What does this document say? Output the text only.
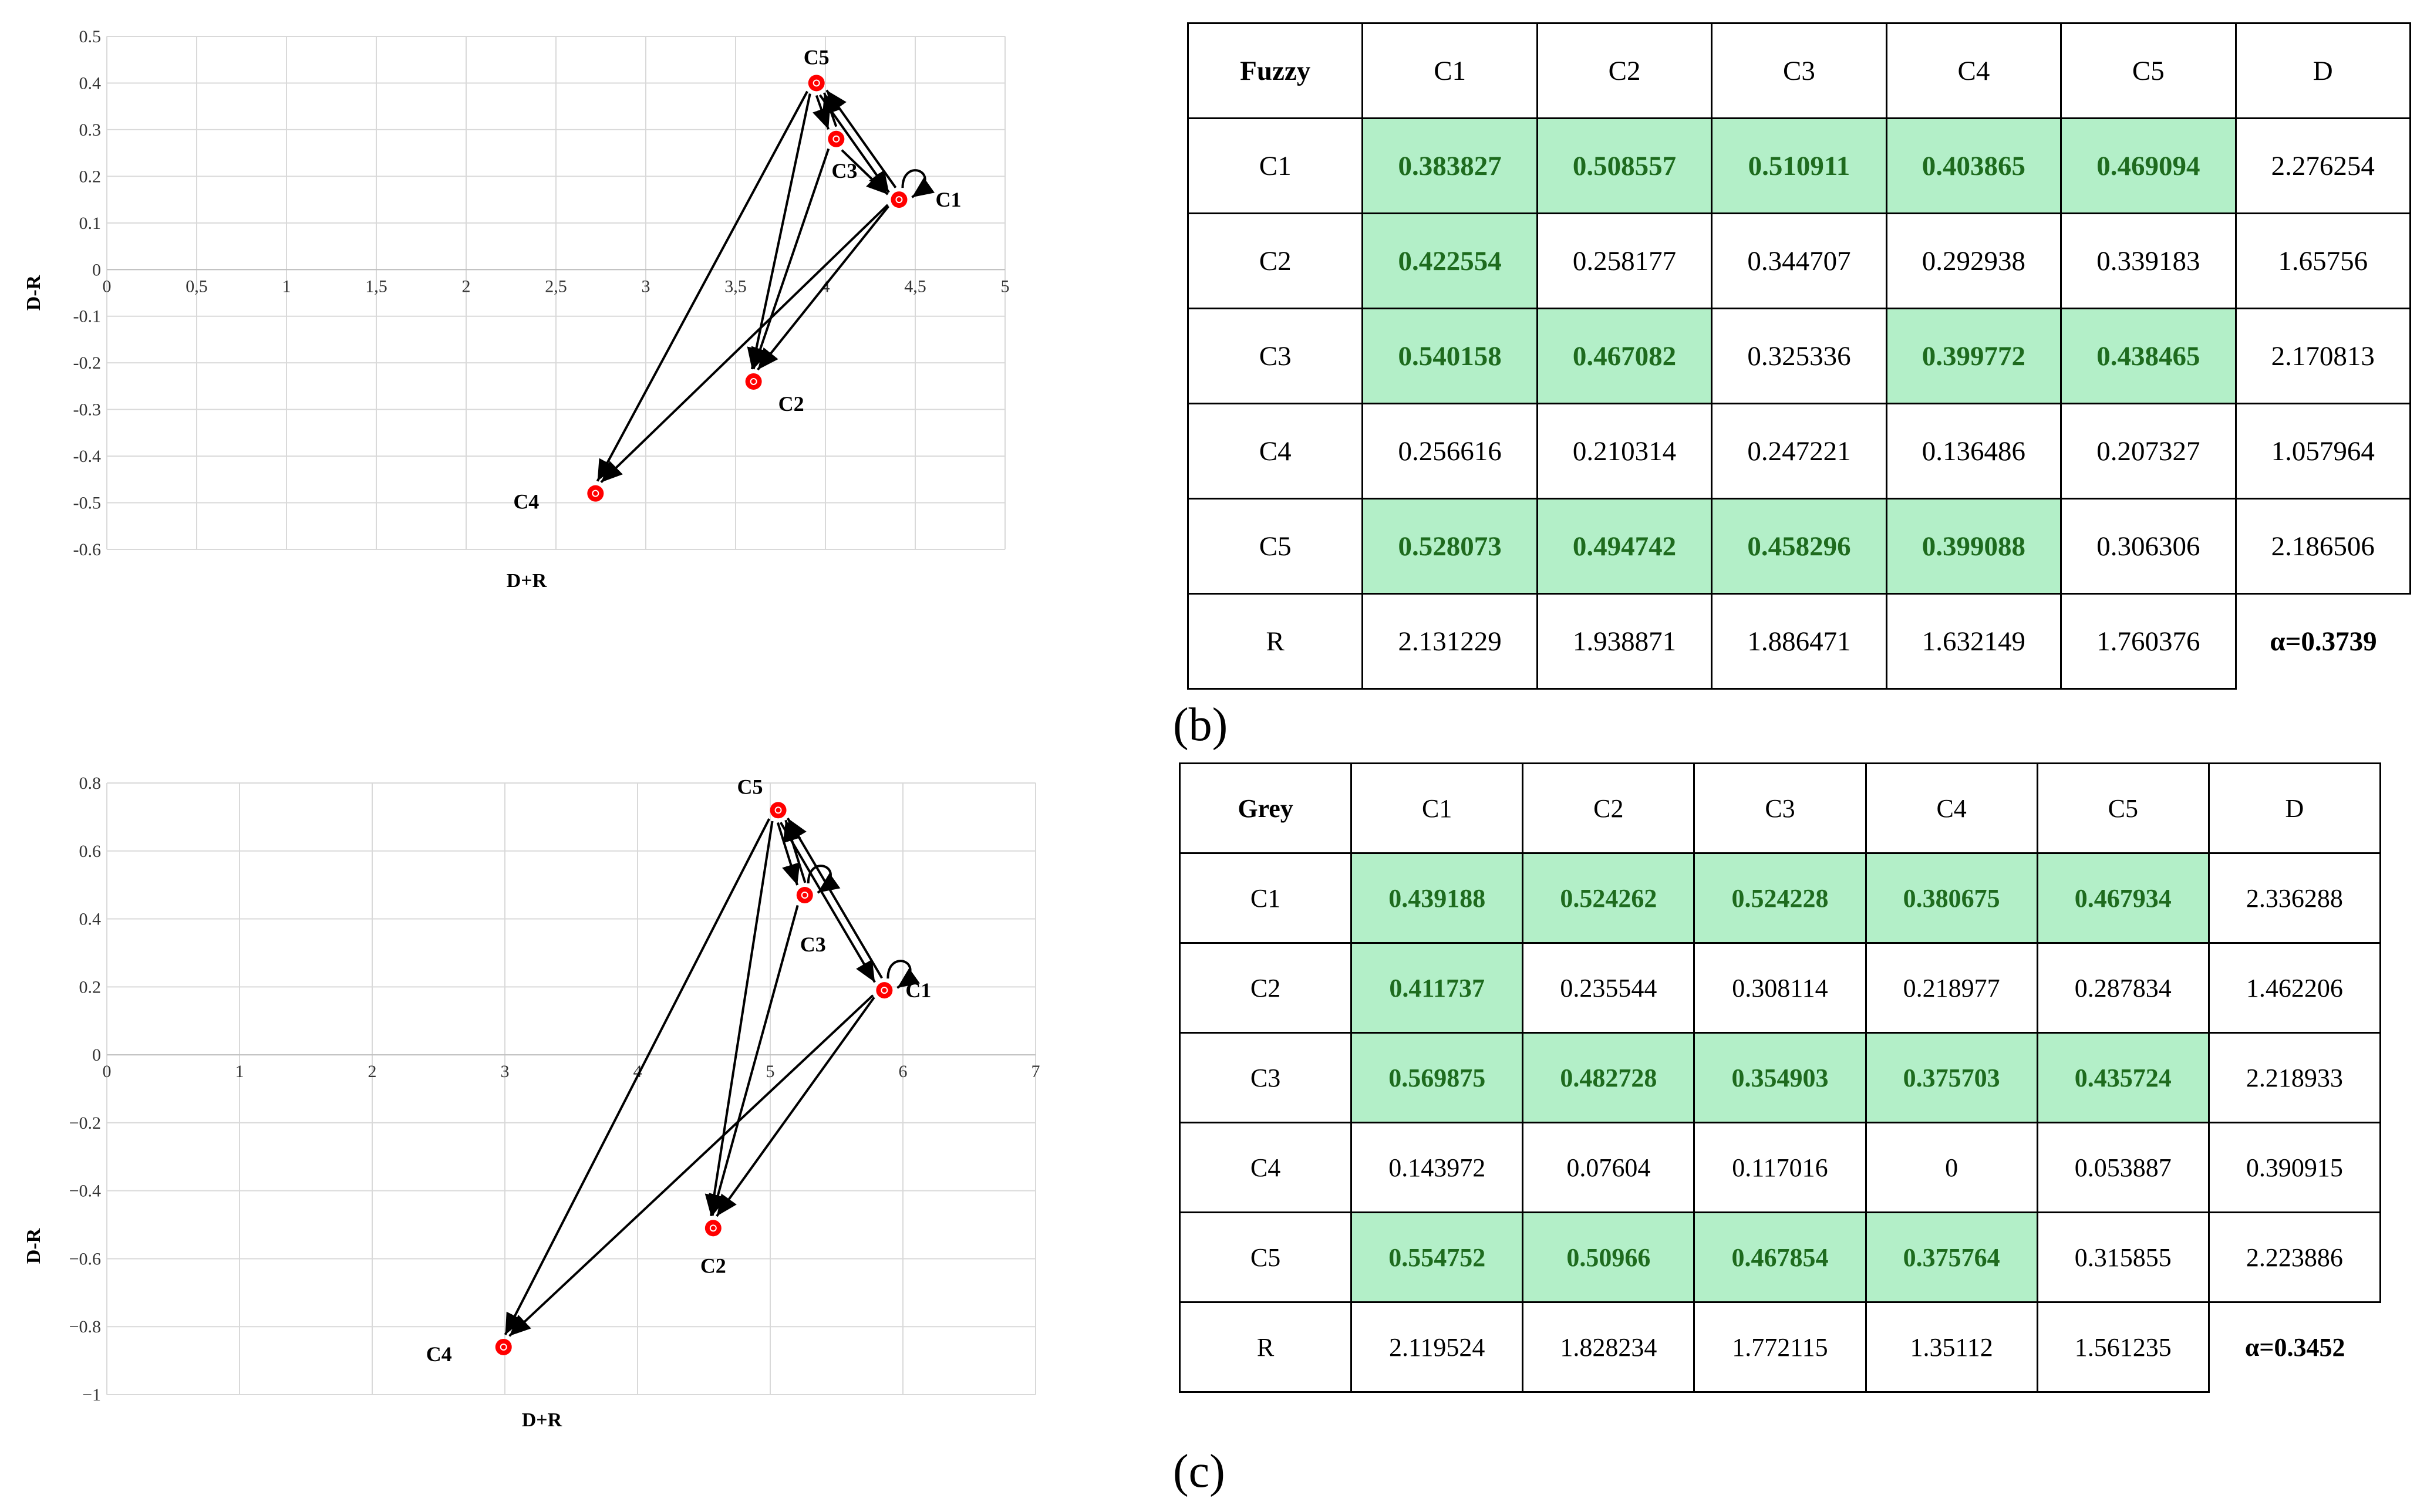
0.5
0.4
0.3
0.2
0.1
0
-0.1
-0.2
-0.3
-0.4
-0.5
-0.6
0	0,5	1	1,5	2	2,5	3	3,5	4	4,5	5
D+R
D-R
C5
C3
C1
C2
C4
0.8
0.6
0.4
0.2
0
−0.2
−0.4
−0.6
−0.8
−1
0	1	2	3	4	5	6	7
D+R
D-R
C5
C3
C1
C2
C4
Fuzzy	C1	C2	C3	C4	C5	D
C1	0.383827	0.508557	0.510911	0.403865	0.469094	2.276254
C2	0.422554	0.258177	0.344707	0.292938	0.339183	1.65756
C3	0.540158	0.467082	0.325336	0.399772	0.438465	2.170813
C4	0.256616	0.210314	0.247221	0.136486	0.207327	1.057964
C5	0.528073	0.494742	0.458296	0.399088	0.306306	2.186506
R	2.131229	1.938871	1.886471	1.632149	1.760376	α=0.3739
(b)
Grey	C1	C2	C3	C4	C5	D
C1	0.439188	0.524262	0.524228	0.380675	0.467934	2.336288
C2	0.411737	0.235544	0.308114	0.218977	0.287834	1.462206
C3	0.569875	0.482728	0.354903	0.375703	0.435724	2.218933
C4	0.143972	0.07604	0.117016	0	0.053887	0.390915
C5	0.554752	0.50966	0.467854	0.375764	0.315855	2.223886
R	2.119524	1.828234	1.772115	1.35112	1.561235	α=0.3452
(c)
